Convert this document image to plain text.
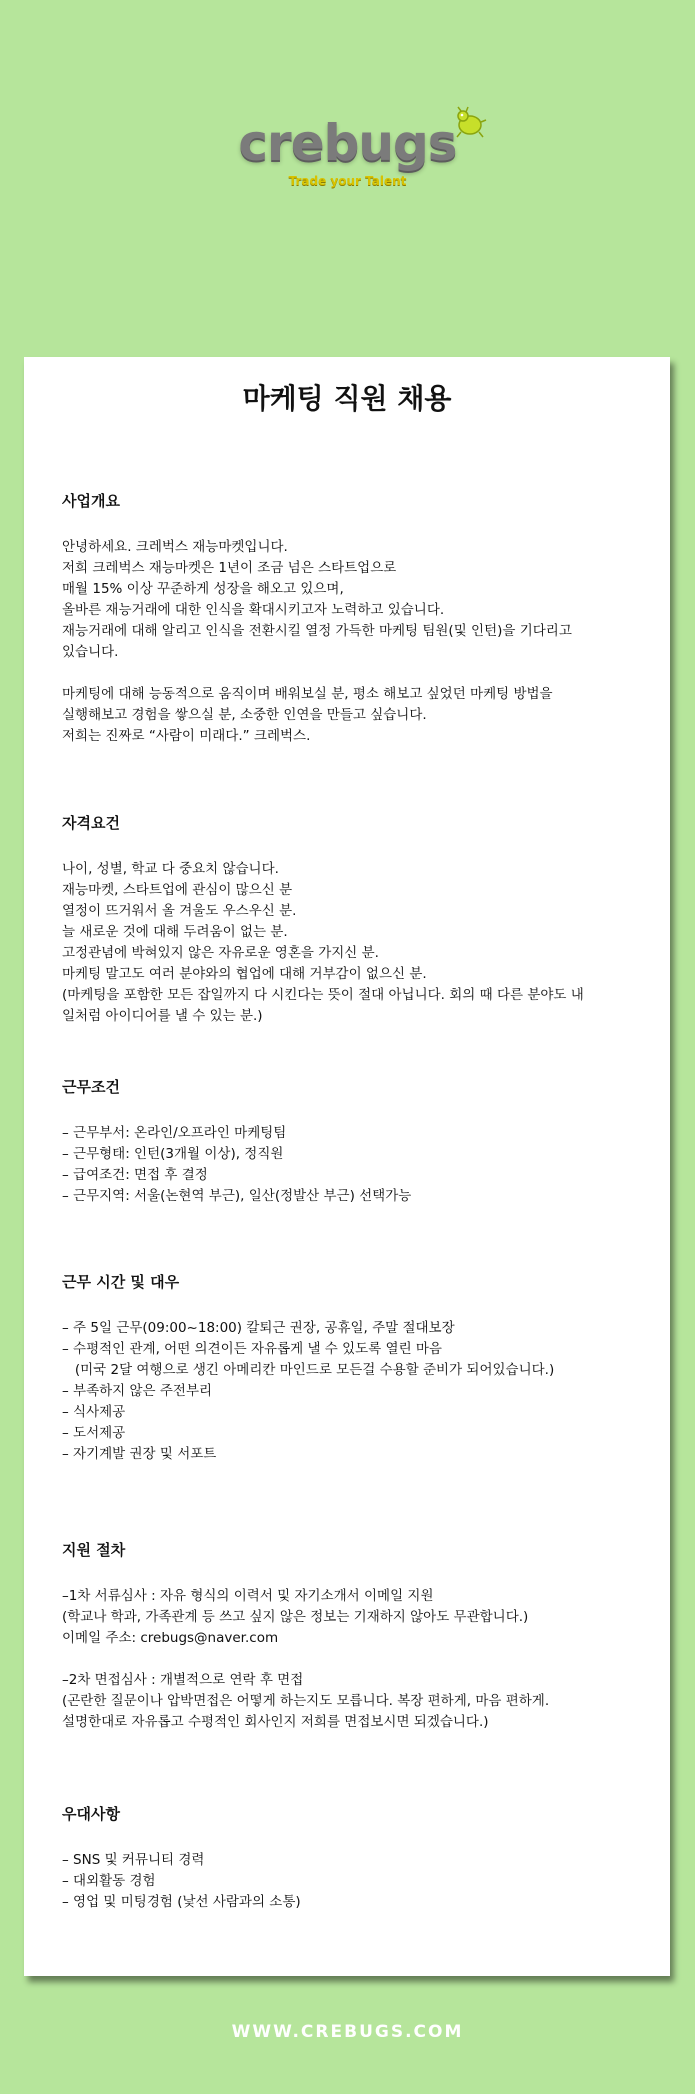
crebugs
Trade your Talent
마케팅 직원 채용
사업개요
안녕하세요. 크레벅스 재능마켓입니다.
저희 크레벅스 재능마켓은 1년이 조금 넘은 스타트업으로
매월 15% 이상 꾸준하게 성장을 해오고 있으며,
올바른 재능거래에 대한 인식을 확대시키고자 노력하고 있습니다.
재능거래에 대해 알리고 인식을 전환시킬 열정 가득한 마케팅 팀원(및 인턴)을 기다리고
있습니다.
마케팅에 대해 능동적으로 움직이며 배워보실 분, 평소 해보고 싶었던 마케팅 방법을
실행해보고 경험을 쌓으실 분, 소중한 인연을 만들고 싶습니다.
저희는 진짜로 “사람이 미래다.” 크레벅스.
자격요건
나이, 성별, 학교 다 중요치 않습니다.
재능마켓, 스타트업에 관심이 많으신 분
열정이 뜨거워서 올 겨울도 우스우신 분.
늘 새로운 것에 대해 두려움이 없는 분.
고정관념에 박혀있지 않은 자유로운 영혼을 가지신 분.
마케팅 말고도 여러 분야와의 협업에 대해 거부감이 없으신 분.
(마케팅을 포함한 모든 잡일까지 다 시킨다는 뜻이 절대 아닙니다. 회의 때 다른 분야도 내
일처럼 아이디어를 낼 수 있는 분.)
근무조건
– 근무부서: 온라인/오프라인 마케팅팀
– 근무형태: 인턴(3개월 이상), 정직원
– 급여조건: 면접 후 결정
– 근무지역: 서울(논현역 부근), 일산(정발산 부근) 선택가능
근무 시간 및 대우
– 주 5일 근무(09:00~18:00) 칼퇴근 권장, 공휴일, 주말 절대보장
– 수평적인 관계, 어떤 의견이든 자유롭게 낼 수 있도록 열린 마음
(미국 2달 여행으로 생긴 아메리칸 마인드로 모든걸 수용할 준비가 되어있습니다.)
– 부족하지 않은 주전부리
– 식사제공
– 도서제공
– 자기계발 권장 및 서포트
지원 절차
–1차 서류심사 : 자유 형식의 이력서 및 자기소개서 이메일 지원
(학교나 학과, 가족관계 등 쓰고 싶지 않은 정보는 기재하지 않아도 무관합니다.)
이메일 주소: crebugs@naver.com
–2차 면접심사 : 개별적으로 연락 후 면접
(곤란한 질문이나 압박면접은 어떻게 하는지도 모릅니다. 복장 편하게, 마음 편하게.
설명한대로 자유롭고 수평적인 회사인지 저희를 면접보시면 되겠습니다.)
우대사항
– SNS 및 커뮤니티 경력
– 대외활동 경험
– 영업 및 미팅경험 (낯선 사람과의 소통)
WWW.CREBUGS.COM
